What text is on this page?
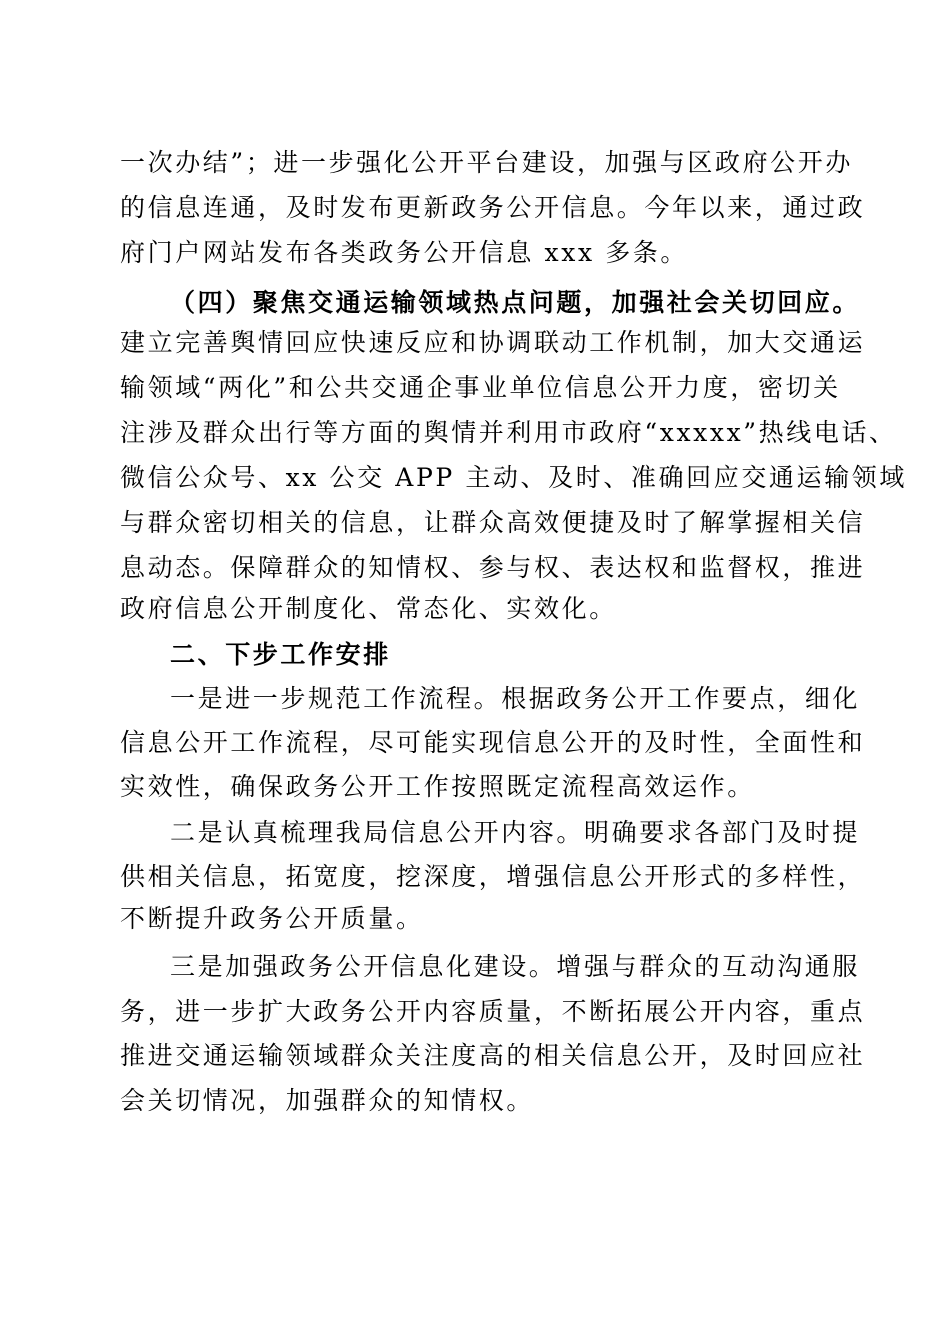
一次办结”；进一步强化公开平台建设，加强与区政府公开办
的信息连通，及时发布更新政务公开信息。今年以来，通过政
府门户网站发布各类政务公开信息 xxx 多条。
（四）聚焦交通运输领域热点问题，加强社会关切回应。
建立完善舆情回应快速反应和协调联动工作机制，加大交通运
输领域“两化”和公共交通企事业单位信息公开力度，密切关
注涉及群众出行等方面的舆情并利用市政府“xxxxx”热线电话、
微信公众号、xx 公交 APP 主动、及时、准确回应交通运输领域
与群众密切相关的信息，让群众高效便捷及时了解掌握相关信
息动态。保障群众的知情权、参与权、表达权和监督权，推进
政府信息公开制度化、常态化、实效化。
二、下步工作安排
一是进一步规范工作流程。根据政务公开工作要点，细化
信息公开工作流程，尽可能实现信息公开的及时性，全面性和
实效性，确保政务公开工作按照既定流程高效运作。
二是认真梳理我局信息公开内容。明确要求各部门及时提
供相关信息，拓宽度，挖深度，增强信息公开形式的多样性，
不断提升政务公开质量。
三是加强政务公开信息化建设。增强与群众的互动沟通服
务，进一步扩大政务公开内容质量，不断拓展公开内容，重点
推进交通运输领域群众关注度高的相关信息公开，及时回应社
会关切情况，加强群众的知情权。
